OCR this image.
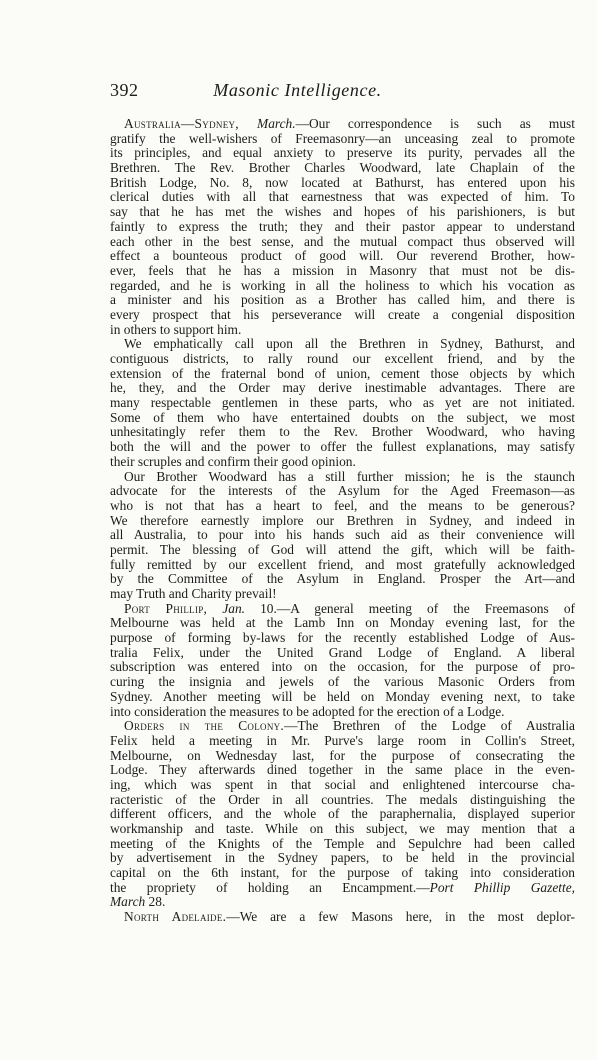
392	Masonic Intelligence.
Australia—Sydney, March.—Our correspondence is such as must
gratify the well-wishers of Freemasonry—an unceasing zeal to promote
its principles, and equal anxiety to preserve its purity, pervades all the
Brethren. The Rev. Brother Charles Woodward, late Chaplain of the
British Lodge, No. 8, now located at Bathurst, has entered upon his
clerical duties with all that earnestness that was expected of him. To
say that he has met the wishes and hopes of his parishioners, is but
faintly to express the truth; they and their pastor appear to understand
each other in the best sense, and the mutual compact thus observed will
effect a bounteous product of good will. Our reverend Brother, how-
ever, feels that he has a mission in Masonry that must not be dis-
regarded, and he is working in all the holiness to which his vocation as
a minister and his position as a Brother has called him, and there is
every prospect that his perseverance will create a congenial disposition
in others to support him.
We emphatically call upon all the Brethren in Sydney, Bathurst, and
contiguous districts, to rally round our excellent friend, and by the
extension of the fraternal bond of union, cement those objects by which
he, they, and the Order may derive inestimable advantages. There are
many respectable gentlemen in these parts, who as yet are not initiated.
Some of them who have entertained doubts on the subject, we most
unhesitatingly refer them to the Rev. Brother Woodward, who having
both the will and the power to offer the fullest explanations, may satisfy
their scruples and confirm their good opinion.
Our Brother Woodward has a still further mission; he is the staunch
advocate for the interests of the Asylum for the Aged Freemason—as
who is not that has a heart to feel, and the means to be generous?
We therefore earnestly implore our Brethren in Sydney, and indeed in
all Australia, to pour into his hands such aid as their convenience will
permit. The blessing of God will attend the gift, which will be faith-
fully remitted by our excellent friend, and most gratefully acknowledged
by the Committee of the Asylum in England. Prosper the Art—and
may Truth and Charity prevail!
Port Phillip, Jan. 10.—A general meeting of the Freemasons of
Melbourne was held at the Lamb Inn on Monday evening last, for the
purpose of forming by-laws for the recently established Lodge of Aus-
tralia Felix, under the United Grand Lodge of England. A liberal
subscription was entered into on the occasion, for the purpose of pro-
curing the insignia and jewels of the various Masonic Orders from
Sydney. Another meeting will be held on Monday evening next, to take
into consideration the measures to be adopted for the erection of a Lodge.
Orders in the Colony.—The Brethren of the Lodge of Australia
Felix held a meeting in Mr. Purve's large room in Collin's Street,
Melbourne, on Wednesday last, for the purpose of consecrating the
Lodge. They afterwards dined together in the same place in the even-
ing, which was spent in that social and enlightened intercourse cha-
racteristic of the Order in all countries. The medals distinguishing the
different officers, and the whole of the paraphernalia, displayed superior
workmanship and taste. While on this subject, we may mention that a
meeting of the Knights of the Temple and Sepulchre had been called
by advertisement in the Sydney papers, to be held in the provincial
capital on the 6th instant, for the purpose of taking into consideration
the propriety of holding an Encampment.—Port Phillip Gazette,
March 28.
North Adelaide.—We are a few Masons here, in the most deplor-
